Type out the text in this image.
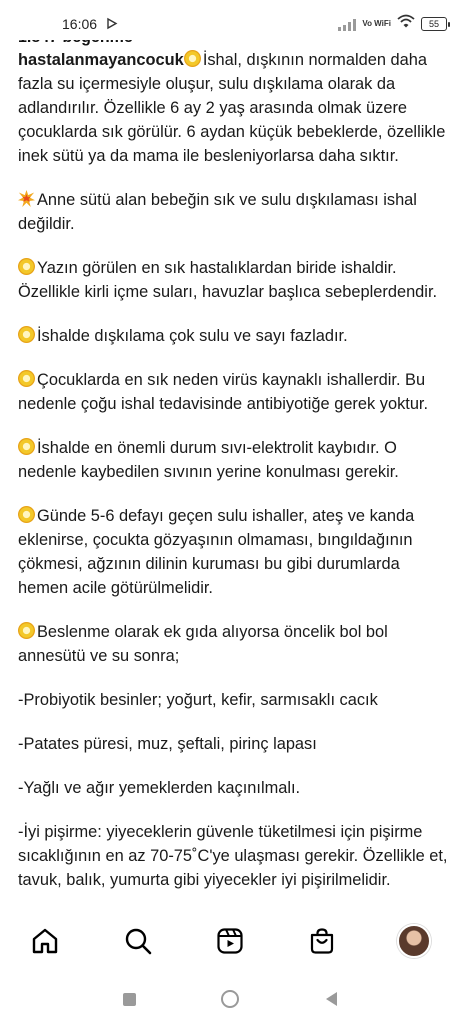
16:06	Vo WiFi	55
hastalanmayancocuk İshal, dışkının normalden daha fazla su içermesiyle oluşur, sulu dışkılama olarak da adlandırılır. Özellikle 6 ay 2 yaş arasında olmak üzere çocuklarda sık görülür. 6 aydan küçük bebeklerde, özellikle inek sütü ya da mama ile besleniyorlarsa daha sıktır.
Anne sütü alan bebeğin sık ve sulu dışkılaması ishal değildir.
Yazın görülen en sık hastalıklardan biride ishaldir. Özellikle kirli içme suları, havuzlar başlıca sebeplerdendir.
İshalde dışkılama çok sulu ve sayı fazladır.
Çocuklarda en sık neden virüs kaynaklı ishallerdir. Bu nedenle çoğu ishal tedavisinde antibiyotiğe gerek yoktur.
İshalde en önemli durum sıvı-elektrolit kaybıdır. O nedenle kaybedilen sıvının yerine konulması gerekir.
Günde 5-6 defayı geçen sulu ishaller, ateş ve kanda eklenirse, çocukta gözyaşının olmaması, bıngıldağının çökmesi, ağzının dilinin kuruması bu gibi durumlarda hemen acile götürülmelidir.
Beslenme olarak ek gıda alıyorsa öncelik bol bol annesütü ve su sonra;
-Probiyotik besinler; yoğurt, kefir, sarmısaklı cacık
-Patates püresi, muz, şeftali, pirinç lapası
-Yağlı ve ağır yemeklerden kaçınılmalı.
-İyi pişirme: yiyeceklerin güvenle tüketilmesi için pişirme sıcaklığının en az 70-75˚C'ye ulaşması gerekir. Özellikle et, tavuk, balık, yumurta gibi yiyecekler iyi pişirilmelidir.
